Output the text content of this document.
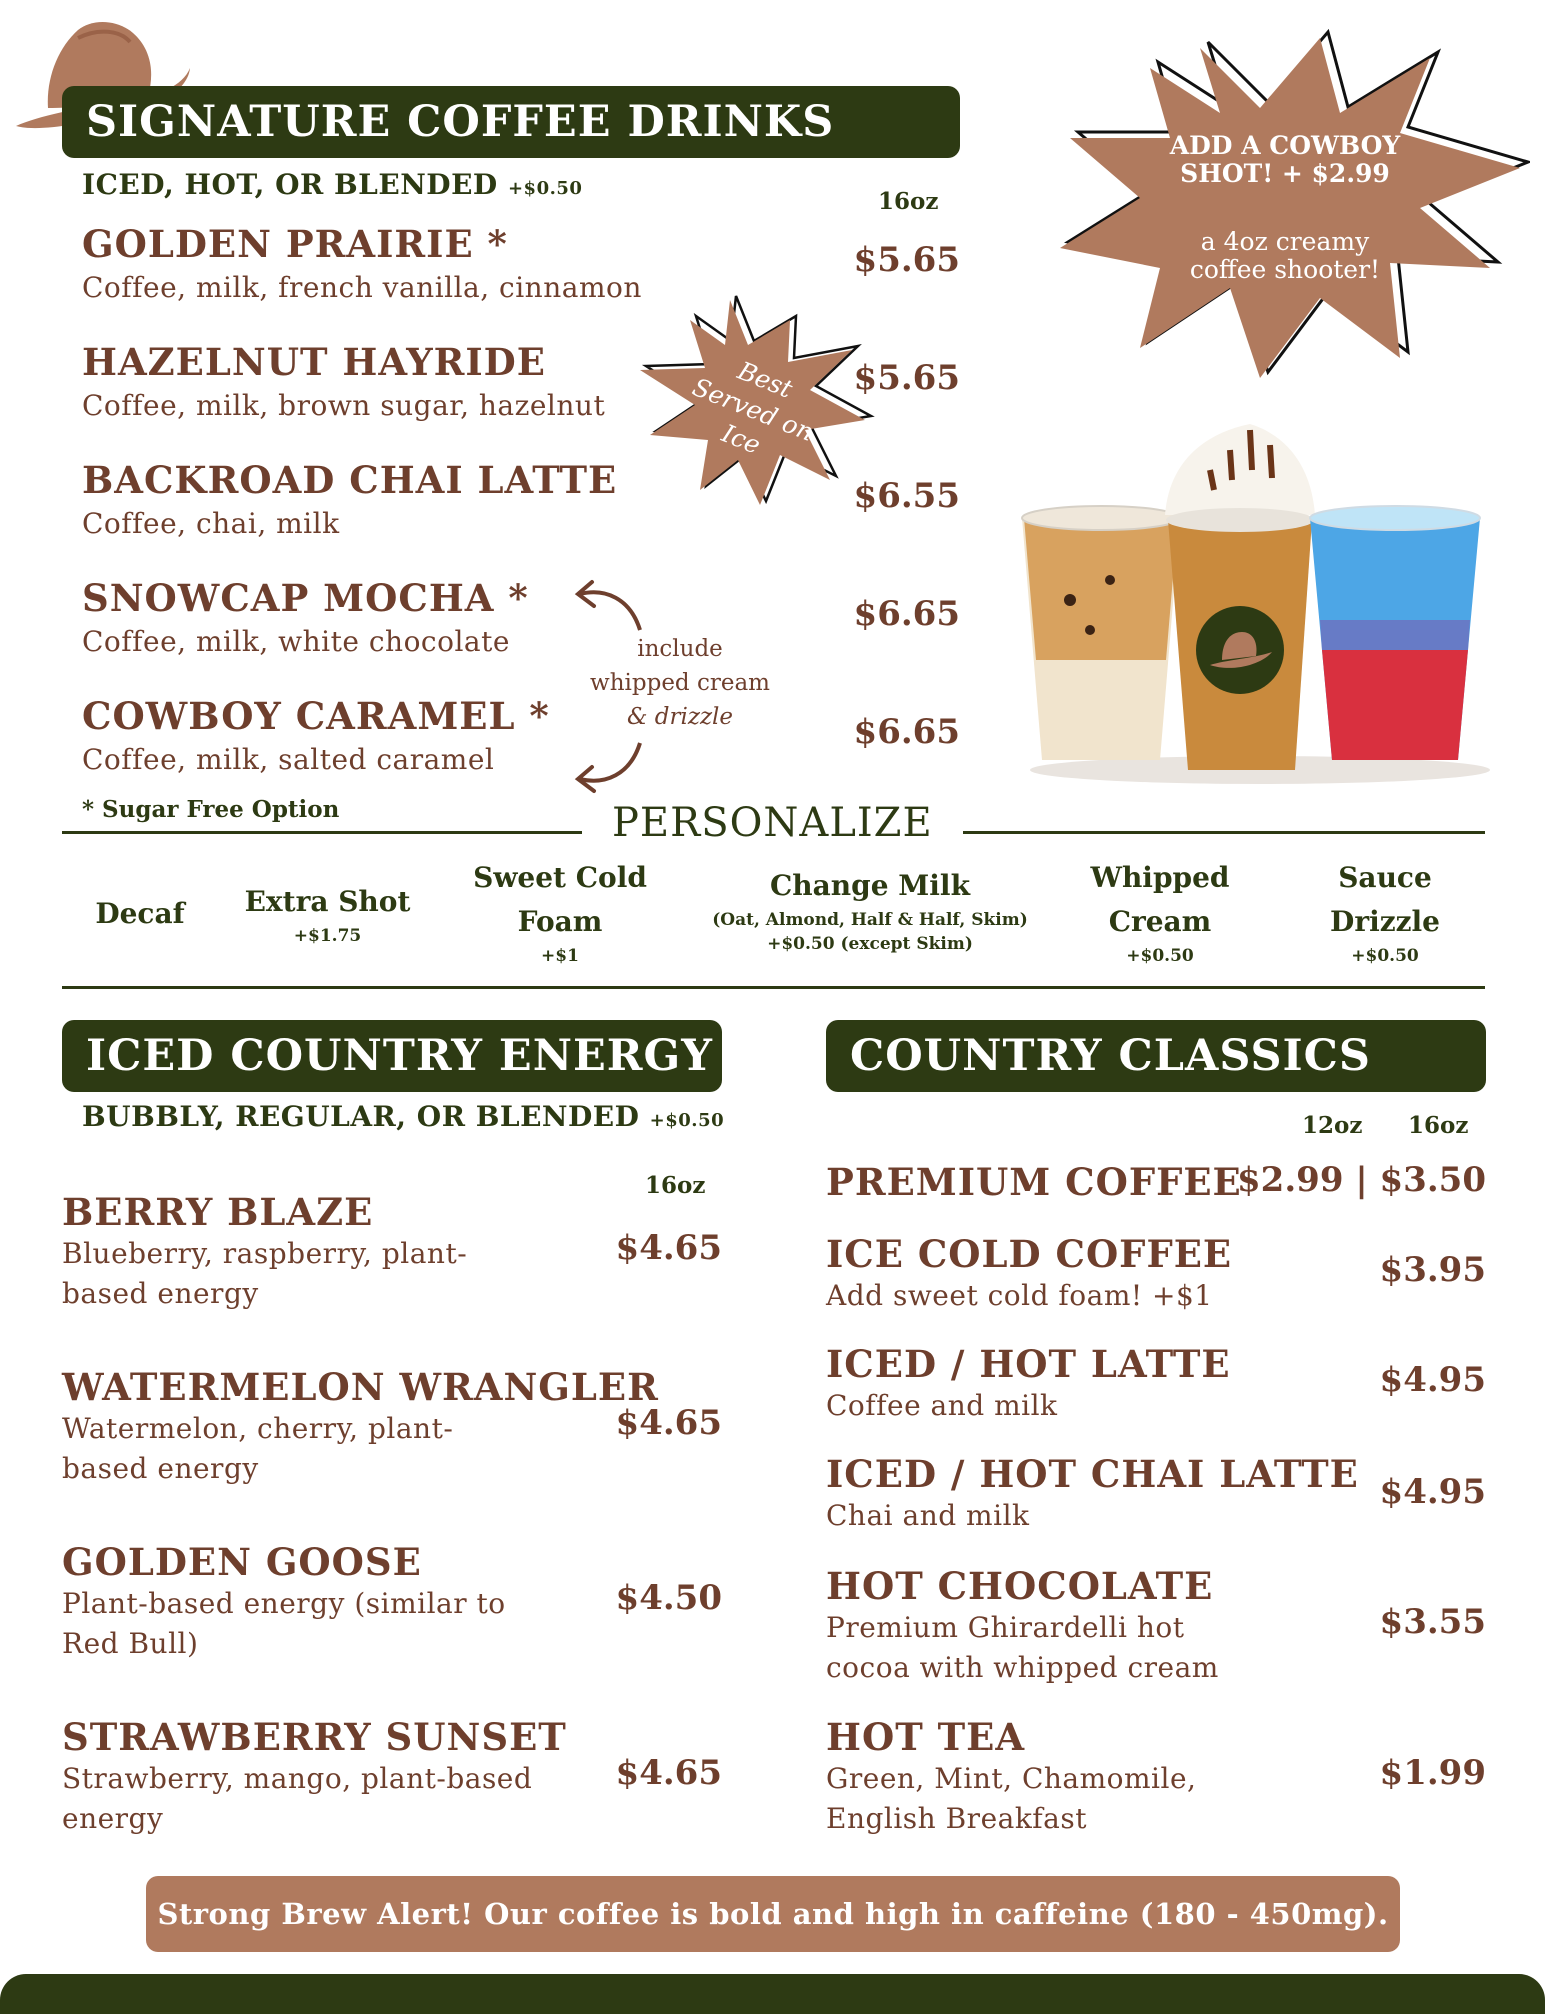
SIGNATURE COFFEE DRINKS
ICED, HOT, OR BLENDED +$0.50	16oz
GOLDEN PRAIRIE *
Coffee, milk, french vanilla, cinnamon
$5.65
HAZELNUT HAYRIDE
Coffee, milk, brown sugar, hazelnut
$5.65
BACKROAD CHAI LATTE
Coffee, chai, milk
$6.55
SNOWCAP MOCHA *
Coffee, milk, white chocolate
$6.65
COWBOY CARAMEL *
Coffee, milk, salted caramel
$6.65
* Sugar Free Option
Best Served on Ice
include
whipped cream
& drizzle
ADD A COWBOY SHOT! + $2.99
a 4oz creamy coffee shooter!
PERSONALIZE
Decaf	Extra Shot
+$1.75
Sweet Cold Foam
+$1
Change Milk
(Oat, Almond, Half & Half, Skim)
+$0.50 (except Skim)
Whipped Cream
+$0.50
Sauce Drizzle
+$0.50
ICED COUNTRY ENERGY
BUBBLY, REGULAR, OR BLENDED +$0.50
16oz
BERRY BLAZE
Blueberry, raspberry, plant-based energy
$4.65
WATERMELON WRANGLER
Watermelon, cherry, plant-based energy
$4.65
GOLDEN GOOSE
Plant-based energy (similar to Red Bull)
$4.50
STRAWBERRY SUNSET
Strawberry, mango, plant-based energy
$4.65
COUNTRY CLASSICS
12oz 16oz
PREMIUM COFFEE
$2.99 | $3.50
ICE COLD COFFEE
Add sweet cold foam! +$1
$3.95
ICED / HOT LATTE
Coffee and milk
$4.95
ICED / HOT CHAI LATTE
Chai and milk
$4.95
HOT CHOCOLATE
Premium Ghirardelli hot cocoa with whipped cream
$3.55
HOT TEA
Green, Mint, Chamomile, English Breakfast
$1.99
Strong Brew Alert! Our coffee is bold and high in caffeine (180 - 450mg).
